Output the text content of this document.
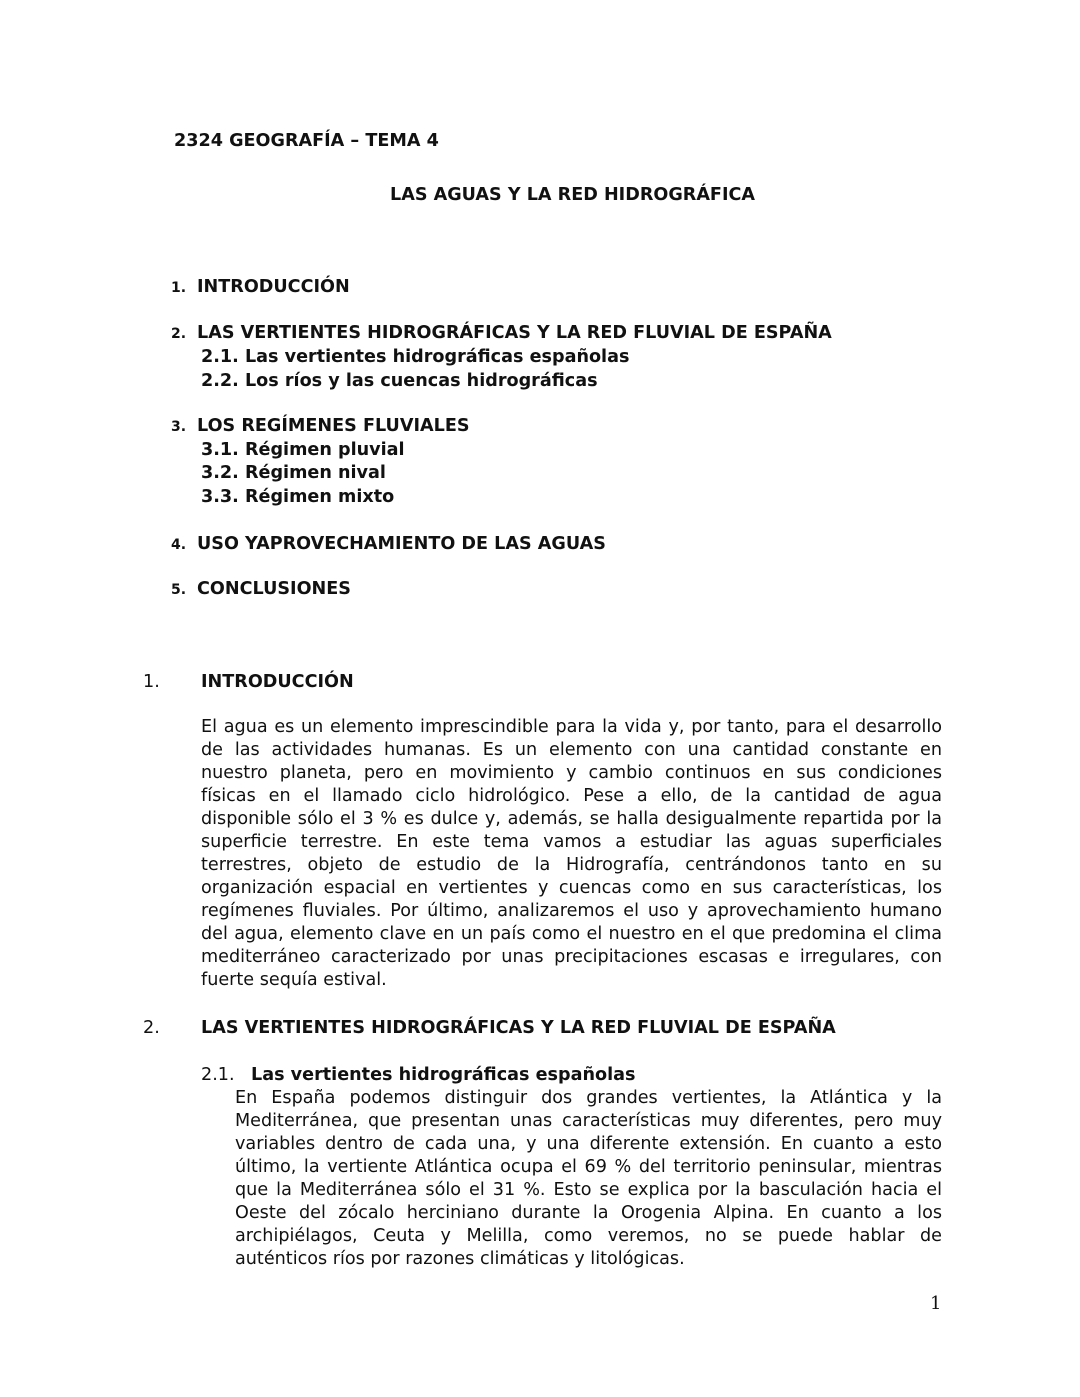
2324 GEOGRAFÍA – TEMA 4
LAS AGUAS Y LA RED HIDROGRÁFICA
1. INTRODUCCIÓN
2. LAS VERTIENTES HIDROGRÁFICAS Y LA RED FLUVIAL DE ESPAÑA
2.1. Las vertientes hidrográficas españolas
2.2. Los ríos y las cuencas hidrográficas
3. LOS REGÍMENES FLUVIALES
3.1. Régimen pluvial
3.2. Régimen nival
3.3. Régimen mixto
4. USO YAPROVECHAMIENTO DE LAS AGUAS
5. CONCLUSIONES
1. INTRODUCCIÓN
El agua es un elemento imprescindible para la vida y, por tanto, para el desarrollo
de las actividades humanas. Es un elemento con una cantidad constante en
nuestro planeta, pero en movimiento y cambio continuos en sus condiciones
físicas en el llamado ciclo hidrológico. Pese a ello, de la cantidad de agua
disponible sólo el 3 % es dulce y, además, se halla desigualmente repartida por la
superficie terrestre. En este tema vamos a estudiar las aguas superficiales
terrestres, objeto de estudio de la Hidrografía, centrándonos tanto en su
organización espacial en vertientes y cuencas como en sus características, los
regímenes fluviales. Por último, analizaremos el uso y aprovechamiento humano
del agua, elemento clave en un país como el nuestro en el que predomina el clima
mediterráneo caracterizado por unas precipitaciones escasas e irregulares, con
fuerte sequía estival.
2. LAS VERTIENTES HIDROGRÁFICAS Y LA RED FLUVIAL DE ESPAÑA
2.1. Las vertientes hidrográficas españolas
En España podemos distinguir dos grandes vertientes, la Atlántica y la
Mediterránea, que presentan unas características muy diferentes, pero muy
variables dentro de cada una, y una diferente extensión. En cuanto a esto
último, la vertiente Atlántica ocupa el 69 % del territorio peninsular, mientras
que la Mediterránea sólo el 31 %. Esto se explica por la basculación hacia el
Oeste del zócalo herciniano durante la Orogenia Alpina. En cuanto a los
archipiélagos, Ceuta y Melilla, como veremos, no se puede hablar de
auténticos ríos por razones climáticas y litológicas.
1
